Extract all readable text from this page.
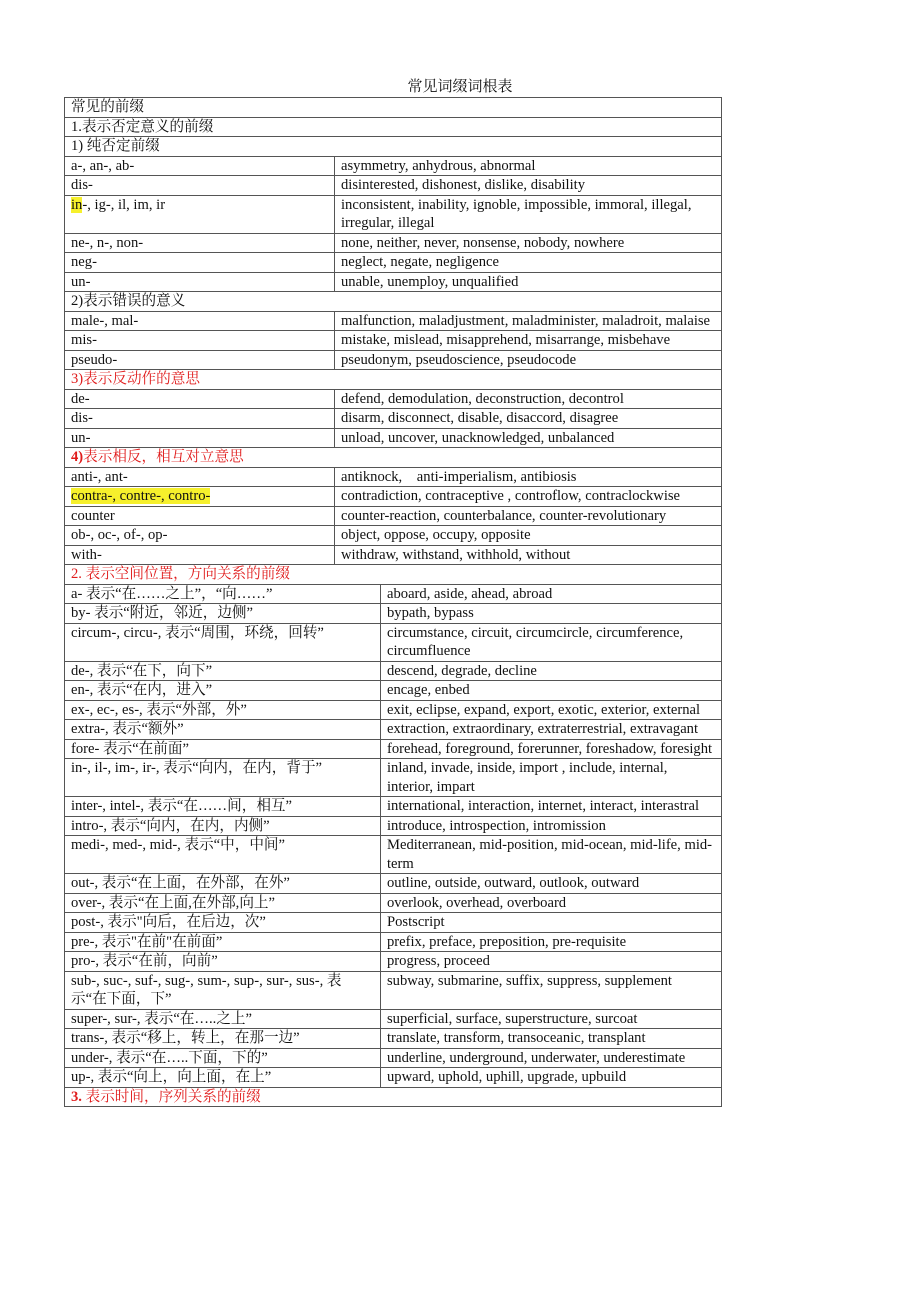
常见词缀词根表
常见的前缀		
1.表示否定意义的前缀		
1) 纯否定前缀		
a-, an-, ab-	asymmetry, anhydrous, abnormal	
dis-	disinterested, dishonest, dislike, disability	
in-, ig-, il, im, ir	inconsistent, inability, ignoble, impossible, immoral, illegal, irregular, illegal	
ne-, n-, non-	none, neither, never, nonsense, nobody, nowhere	
neg-	neglect, negate, negligence	
un-	unable, unemploy, unqualified	
2)表示错误的意义		
male-, mal-	malfunction, maladjustment, maladminister, maladroit, malaise	
mis-	mistake, mislead, misapprehend, misarrange, misbehave	
pseudo-	pseudonym, pseudoscience, pseudocode	
3)表示反动作的意思		
de-	defend, demodulation, deconstruction, decontrol	
dis-	disarm, disconnect, disable, disaccord, disagree	
un-	unload, uncover, unacknowledged, unbalanced	
4)表示相反，相互对立意思		
anti-, ant-	antiknock,    anti-imperialism, antibiosis	
contra-, contre-, contro-	contradiction, contraceptive , controflow, contraclockwise	
counter	counter-reaction, counterbalance, counter-revolutionary	
ob-, oc-, of-, op-	object, oppose, occupy, opposite	
with-	withdraw, withstand, withhold, without	
2. 表示空间位置，方向关系的前缀		
a- 表示“在……之上”，“向……”		aboard, aside, ahead, abroad
by- 表示“附近，邻近，边侧”		bypath, bypass
circum-, circu-, 表示“周围，环绕，回转”		circumstance, circuit, circumcircle, circumference, circumfluence
de-, 表示“在下，向下”		descend, degrade, decline
en-, 表示“在内，进入”		encage, enbed
ex-, ec-, es-, 表示“外部，外”		exit, eclipse, expand, export, exotic, exterior, external
extra-, 表示“额外”		extraction, extraordinary, extraterrestrial, extravagant
fore- 表示“在前面”		forehead, foreground, forerunner, foreshadow, foresight
in-, il-, im-, ir-, 表示“向内，在内，背于”		inland, invade, inside, import , include, internal, interior, impart
inter-, intel-, 表示“在……间，相互”		international, interaction, internet, interact, interastral
intro-, 表示“向内，在内，内侧”		introduce, introspection, intromission
medi-, med-, mid-, 表示“中，中间”		Mediterranean, mid-position, mid-ocean, mid-life, mid-term
out-, 表示“在上面，在外部，在外”		outline, outside, outward, outlook, outward
over-, 表示“在上面,在外部,向上”		overlook, overhead, overboard
post-, 表示"向后，在后边，次”		Postscript
pre-, 表示"在前"在前面”		prefix, preface, preposition, pre-requisite
pro-, 表示“在前，向前”		progress, proceed
sub-, suc-, suf-, sug-, sum-, sup-, sur-, sus-, 表示“在下面，下”		subway, submarine, suffix, suppress, supplement
super-, sur-, 表示“在…..之上”		superficial, surface, superstructure, surcoat
trans-, 表示“移上，转上，在那一边”		translate, transform, transoceanic, transplant
under-, 表示“在…..下面，下的”		underline, underground, underwater, underestimate
up-, 表示“向上，向上面，在上”		upward, uphold, uphill, upgrade, upbuild
3. 表示时间，序列关系的前缀		
